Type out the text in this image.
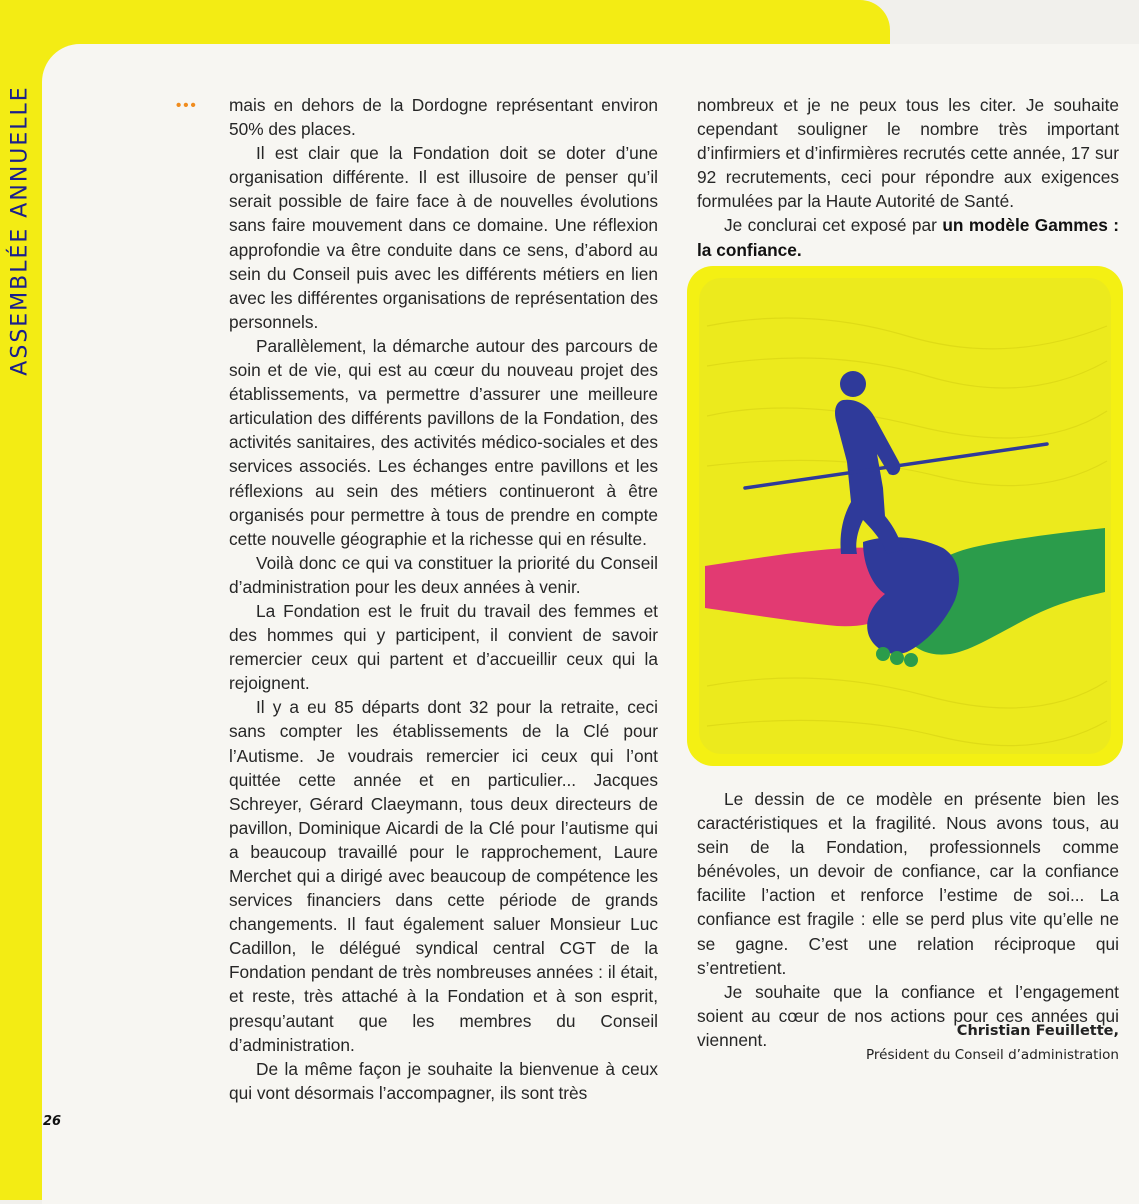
ASSEMBLÉE ANNUELLE	••• mais en dehors de la Dordogne représentant environ 50% des places.

Il est clair que la Fondation doit se doter d’une organisation différente. Il est illusoire de penser qu’il serait possible de faire face à de nouvelles évolutions sans faire mouvement dans ce domaine. Une réflexion approfondie va être conduite dans ce sens, d’abord au sein du Conseil puis avec les différents métiers en lien avec les différentes organisations de représentation des personnels.

Parallèlement, la démarche autour des parcours de soin et de vie, qui est au cœur du nouveau projet des établissements, va permettre d’assurer une meilleure articulation des différents pavillons de la Fondation, des activités sanitaires, des activités médico-sociales et des services associés. Les échanges entre pavillons et les réflexions au sein des métiers continueront à être organisés pour permettre à tous de prendre en compte cette nouvelle géographie et la richesse qui en résulte.

Voilà donc ce qui va constituer la priorité du Conseil d’administration pour les deux années à venir.

La Fondation est le fruit du travail des femmes et des hommes qui y participent, il convient de savoir remercier ceux qui partent et d’accueillir ceux qui la rejoignent.

Il y a eu 85 départs dont 32 pour la retraite, ceci sans compter les établissements de la Clé pour l’Autisme. Je voudrais remercier ici ceux qui l’ont quittée cette année et en particulier... Jacques Schreyer, Gérard Claeymann, tous deux directeurs de pavillon, Dominique Aicardi de la Clé pour l’autisme qui a beaucoup travaillé pour le rapprochement, Laure Merchet qui a dirigé avec beaucoup de compétence les services financiers dans cette période de grands changements. Il faut également saluer Monsieur Luc Cadillon, le délégué syndical central CGT de la Fondation pendant de très nombreuses années : il était, et reste, très attaché à la Fondation et à son esprit, presqu’autant que les membres du Conseil d’administration.

De la même façon je souhaite la bienvenue à ceux qui vont désormais l’accompagner, ils sont très

nombreux et je ne peux tous les citer. Je souhaite cependant souligner le nombre très important d’infirmiers et d’infirmières recrutés cette année, 17 sur 92 recrutements, ceci pour répondre aux exigences formulées par la Haute Autorité de Santé.

Je conclurai cet exposé par un modèle Gammes : la confiance.

Le dessin de ce modèle en présente bien les caractéristiques et la fragilité. Nous avons tous, au sein de la Fondation, professionnels comme bénévoles, un devoir de confiance, car la confiance facilite l’action et renforce l’estime de soi... La confiance est fragile : elle se perd plus vite qu’elle ne se gagne. C’est une relation réciproque qui s’entretient.

Je souhaite que la confiance et l’engagement soient au cœur de nos actions pour ces années qui viennent.	Christian Feuillette,
Président du Conseil d’administration
26
